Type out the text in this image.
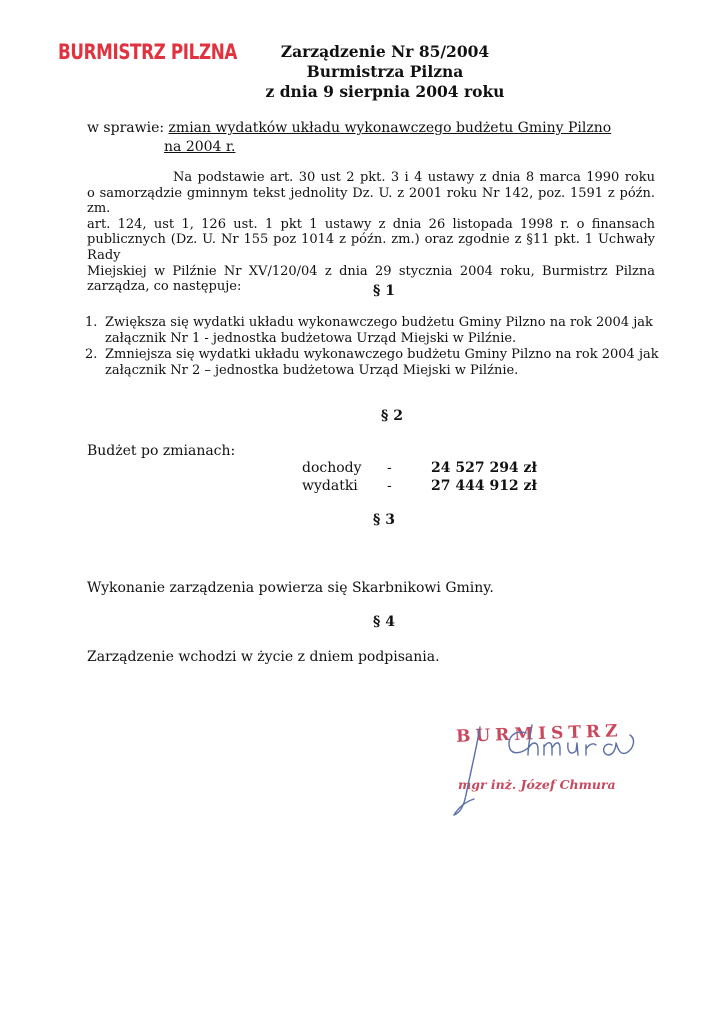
BURMISTRZ PILZNA	Zarządzenie Nr 85/2004
Burmistrza Pilzna
z dnia 9 sierpnia 2004 roku
w sprawie: zmian wydatków układu wykonawczego budżetu Gminy Pilzno
na 2004 r.
Na podstawie art. 30 ust 2 pkt. 3 i 4 ustawy z dnia 8 marca 1990 roku
o samorządzie gminnym tekst jednolity Dz. U. z 2001 roku Nr 142, poz. 1591 z późn. zm.
art. 124, ust 1, 126 ust. 1 pkt 1 ustawy z dnia 26 listopada 1998 r. o finansach
publicznych (Dz. U. Nr 155 poz 1014 z późn. zm.) oraz zgodnie z §11 pkt. 1 Uchwały Rady
Miejskiej w Pilźnie Nr XV/120/04 z dnia 29 stycznia 2004 roku, Burmistrz Pilzna
zarządza, co następuje:	§ 1
1. Zwiększa się wydatki układu wykonawczego budżetu Gminy Pilzno na rok 2004 jak
załącznik Nr 1 - jednostka budżetowa Urząd Miejski w Pilźnie.
2. Zmniejsza się wydatki układu wykonawczego budżetu Gminy Pilzno na rok 2004 jak
załącznik Nr 2 – jednostka budżetowa Urząd Miejski w Pilźnie.
§ 2
Budżet po zmianach:
dochody -	24 527 294 zł
wydatki -	27 444 912 zł
§ 3
Wykonanie zarządzenia powierza się Skarbnikowi Gminy.
§ 4
Zarządzenie wchodzi w życie z dniem podpisania.
BURMISTRZ
mgr inż. Józef Chmura
